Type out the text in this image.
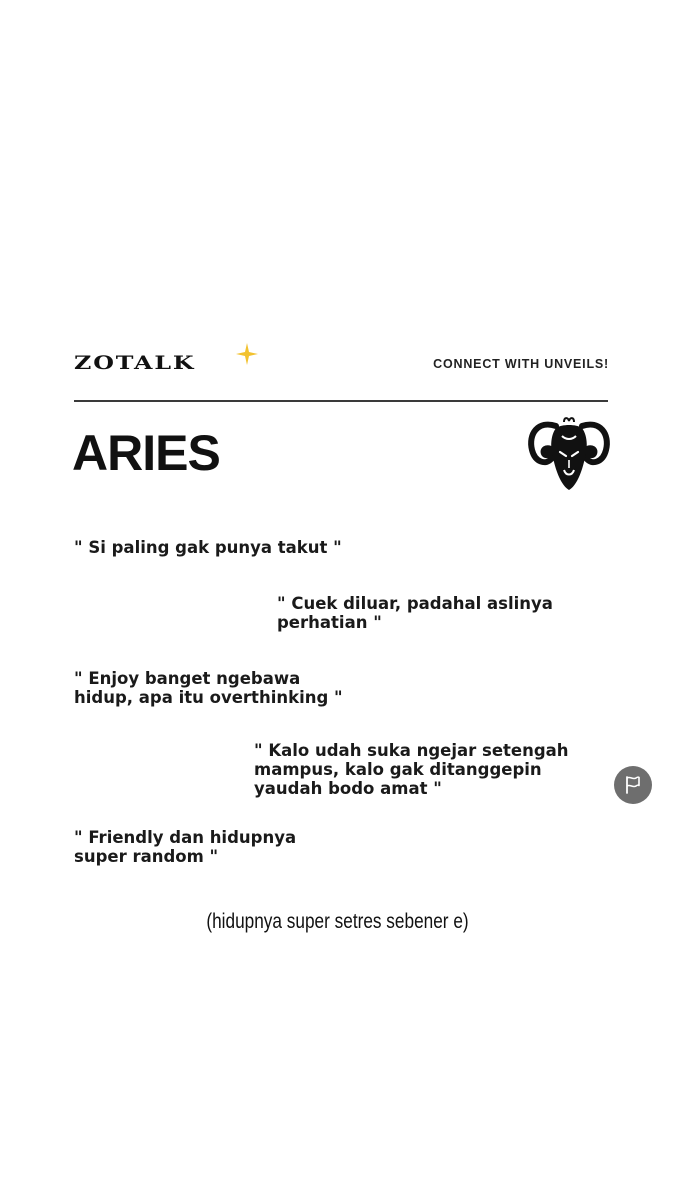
ZOTALK	CONNECT WITH UNVEILS!
ARIES
" Si paling gak punya takut "
" Cuek diluar, padahal aslinya
perhatian "
" Enjoy banget ngebawa
hidup, apa itu overthinking "
" Kalo udah suka ngejar setengah
mampus, kalo gak ditanggepin
yaudah bodo amat "
" Friendly dan hidupnya
super random "
(hidupnya super setres sebener e)
